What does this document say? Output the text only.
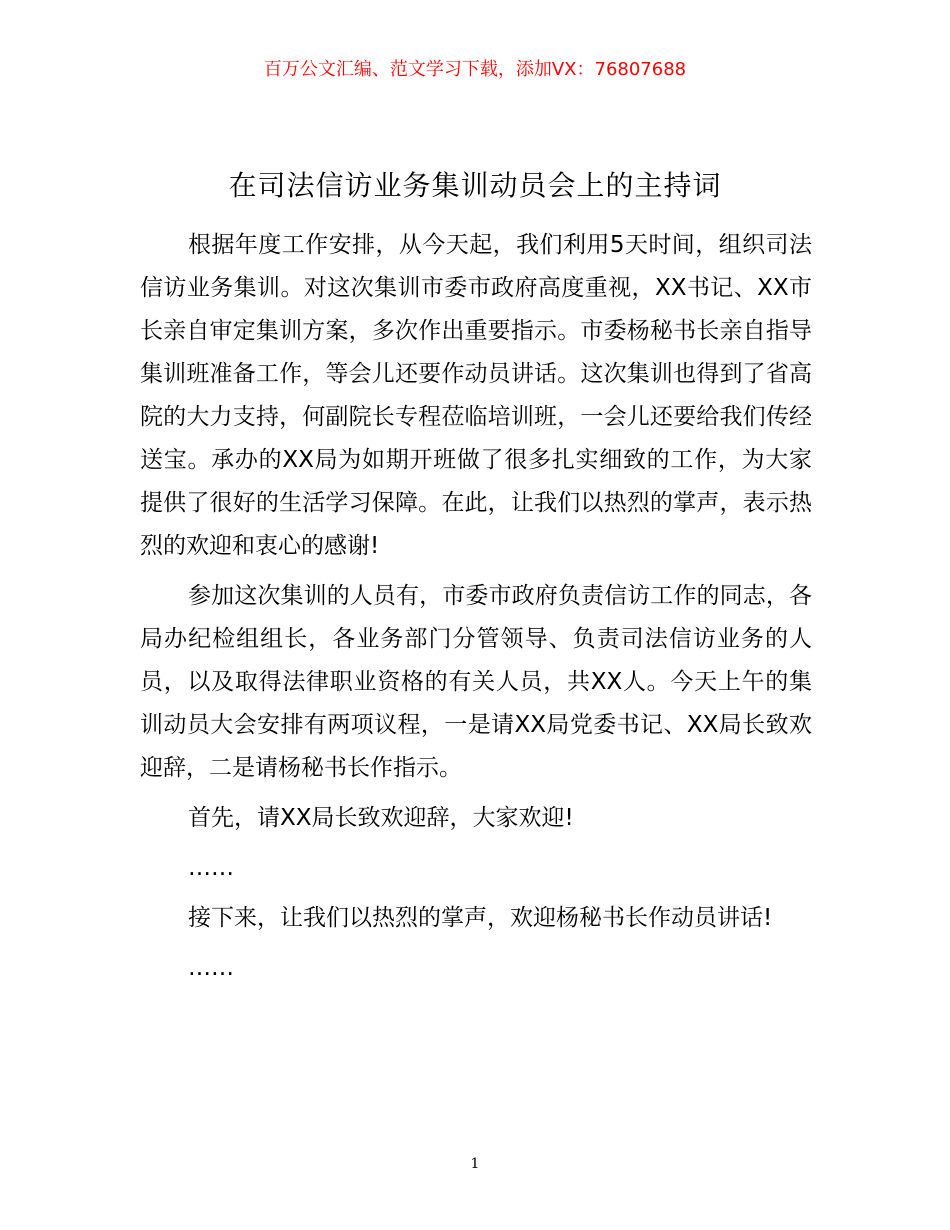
百万公文汇编、范文学习下载，添加VX：76807688
在司法信访业务集训动员会上的主持词

根据年度工作安排，从今天起，我们利用5天时间，组织司法信访业务集训。对这次集训市委市政府高度重视，XX书记、XX市长亲自审定集训方案，多次作出重要指示。市委杨秘书长亲自指导集训班准备工作，等会儿还要作动员讲话。这次集训也得到了省高院的大力支持，何副院长专程莅临培训班，一会儿还要给我们传经送宝。承办的XX局为如期开班做了很多扎实细致的工作，为大家提供了很好的生活学习保障。在此，让我们以热烈的掌声，表示热烈的欢迎和衷心的感谢!

参加这次集训的人员有，市委市政府负责信访工作的同志，各局办纪检组组长，各业务部门分管领导、负责司法信访业务的人员，以及取得法律职业资格的有关人员，共XX人。今天上午的集训动员大会安排有两项议程，一是请XX局党委书记、XX局长致欢迎辞，二是请杨秘书长作指示。

首先，请XX局长致欢迎辞，大家欢迎!

……

接下来，让我们以热烈的掌声，欢迎杨秘书长作动员讲话!

……

1
